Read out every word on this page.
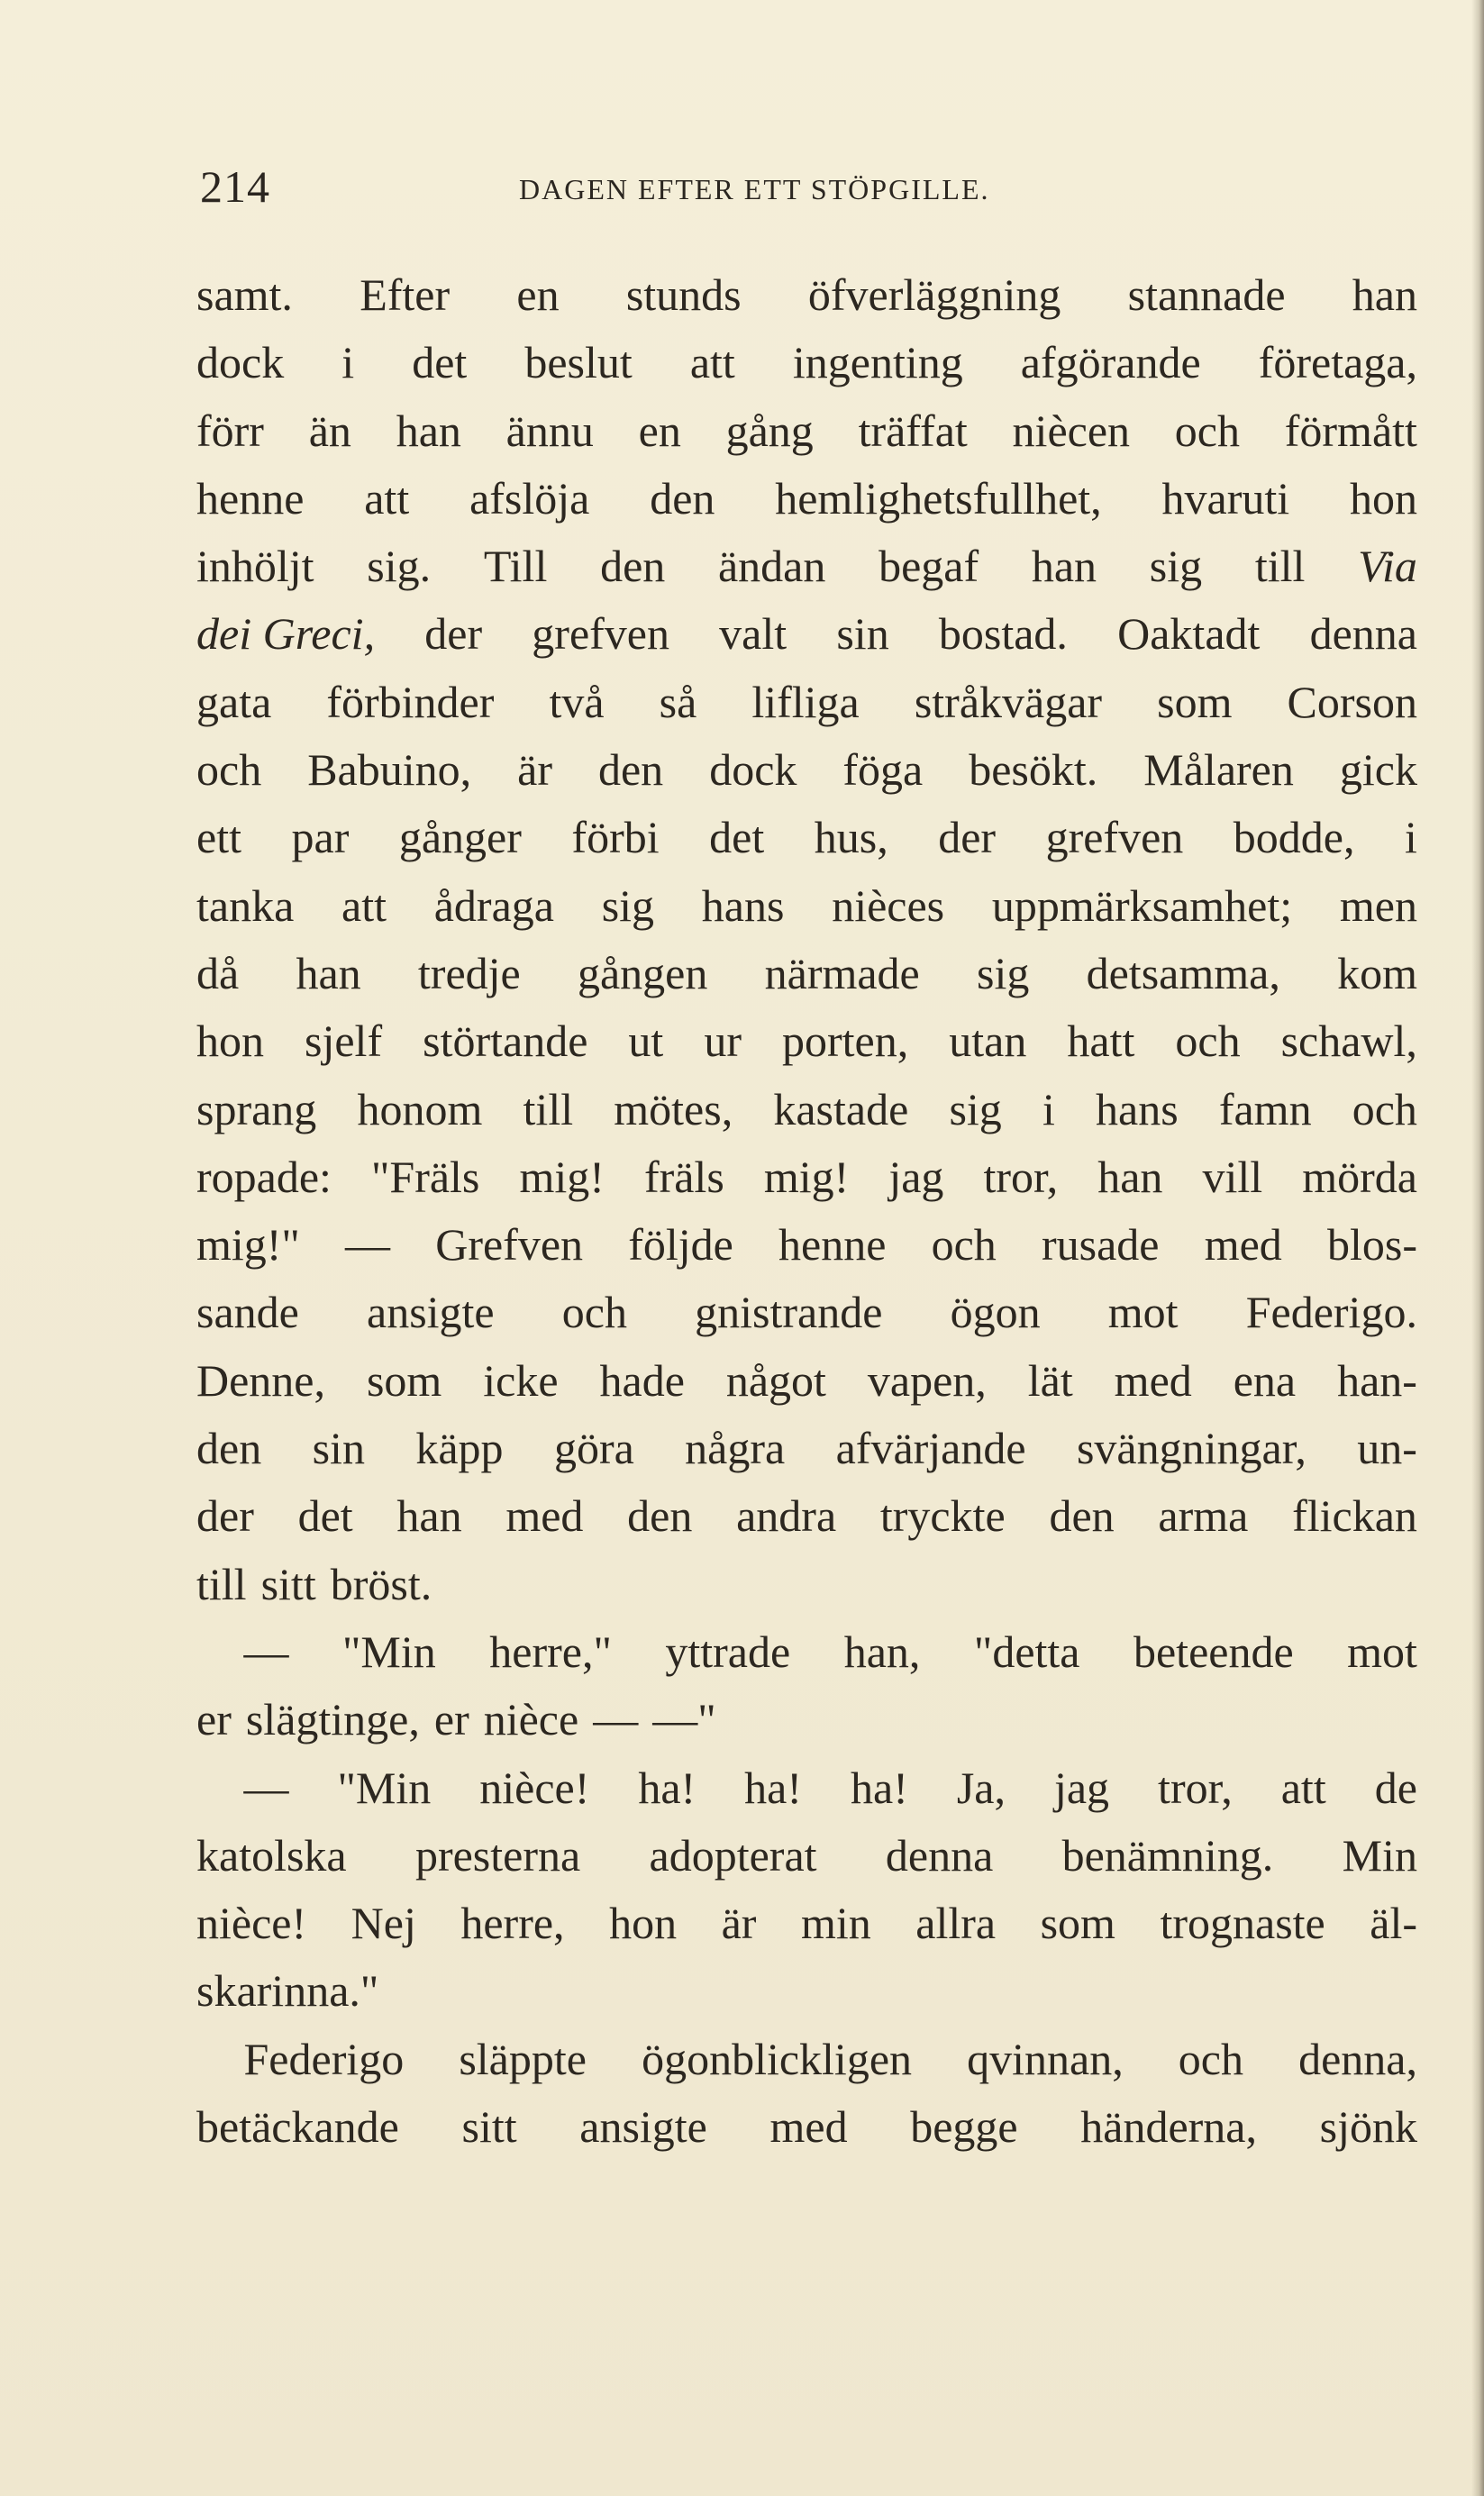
214	DAGEN EFTER ETT STÖPGILLE.
samt. Efter en stunds öfverläggning stannade han
dock i det beslut att ingenting afgörande företaga,
förr än han ännu en gång träffat niècen och förmått
henne att afslöja den hemlighetsfullhet, hvaruti hon
inhöljt sig. Till den ändan begaf han sig till Via
dei Greci, der grefven valt sin bostad. Oaktadt denna
gata förbinder två så lifliga stråkvägar som Corson
och Babuino, är den dock föga besökt. Målaren gick
ett par gånger förbi det hus, der grefven bodde, i
tanka att ådraga sig hans nièces uppmärksamhet; men
då han tredje gången närmade sig detsamma, kom
hon sjelf störtande ut ur porten, utan hatt och schawl,
sprang honom till mötes, kastade sig i hans famn och
ropade: "Fräls mig! fräls mig! jag tror, han vill mörda
mig!" — Grefven följde henne och rusade med blos-
sande ansigte och gnistrande ögon mot Federigo.
Denne, som icke hade något vapen, lät med ena han-
den sin käpp göra några afvärjande svängningar, un-
der det han med den andra tryckte den arma flickan
till sitt bröst.
— "Min herre," yttrade han, "detta beteende mot
er slägtinge, er nièce — —"
— "Min nièce! ha! ha! ha! Ja, jag tror, att de
katolska presterna adopterat denna benämning. Min
nièce! Nej herre, hon är min allra som trognaste äl-
skarinna."
Federigo släppte ögonblickligen qvinnan, och denna,
betäckande sitt ansigte med begge händerna, sjönk
